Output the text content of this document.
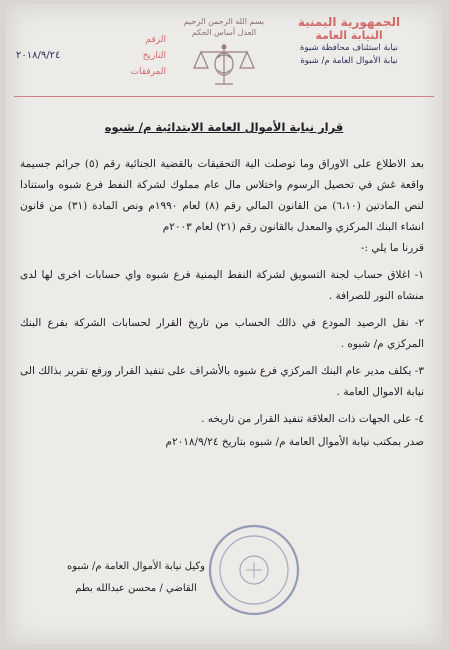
الجمهورية اليمنية
النيابة العامة
نيابة استئناف محافظة شبوة
نيابة الأموال العامة م/ شبوة
بسم الله الرحمن الرحيم
العدل أساس الحكم
الرقم
التاريخ
٢٠١٨/٩/٢٤
المرفقات
قرار نيابة الأموال العامة الابتدائية م/ شبوه

بعد الاطلاع على الاوراق وما توصلت الية التحقيقات بالقضية الجنائية رقم (٥) جرائم جسيمة واقعة غش في تحصيل الرسوم واختلاس مال عام مملوك لشركة النفط فرع شبوه واستنادا لنص المادتين (٦،١٠) من القانون المالي رقم (٨) لعام ١٩٩٠م ونص المادة (٣١) من قانون انشاء البنك المركزي والمعدل بالقانون رقم (٢١) لعام ٢٠٠٣م

قررنا ما يلي :-

١- اغلاق حساب لجنة التسويق لشركة النفط اليمنية فرع شبوه واي حسابات اخرى لها لدى منشاه النور للصرافة .

٢- نقل الرصيد المودع في ذالك الحساب من تاريخ القرار لحسابات الشركة بفرع البنك المركزي م/ شبوه .

٣- يكلف مدير عام البنك المركزي فرع شبوه بالأشراف على تنفيذ القرار ورفع تقرير بذالك الى نيابة الاموال العامة .

٤- على الجهات ذات العلاقة تنفيذ القرار من تاريخه .

صدر بمكتب نيابة الأموال العامة م/ شبوه بتاريخ ٢٠١٨/٩/٢٤م

وكيل نيابة الأموال العامة م/ شبوه
القاضي / محسن عبدالله بطم
